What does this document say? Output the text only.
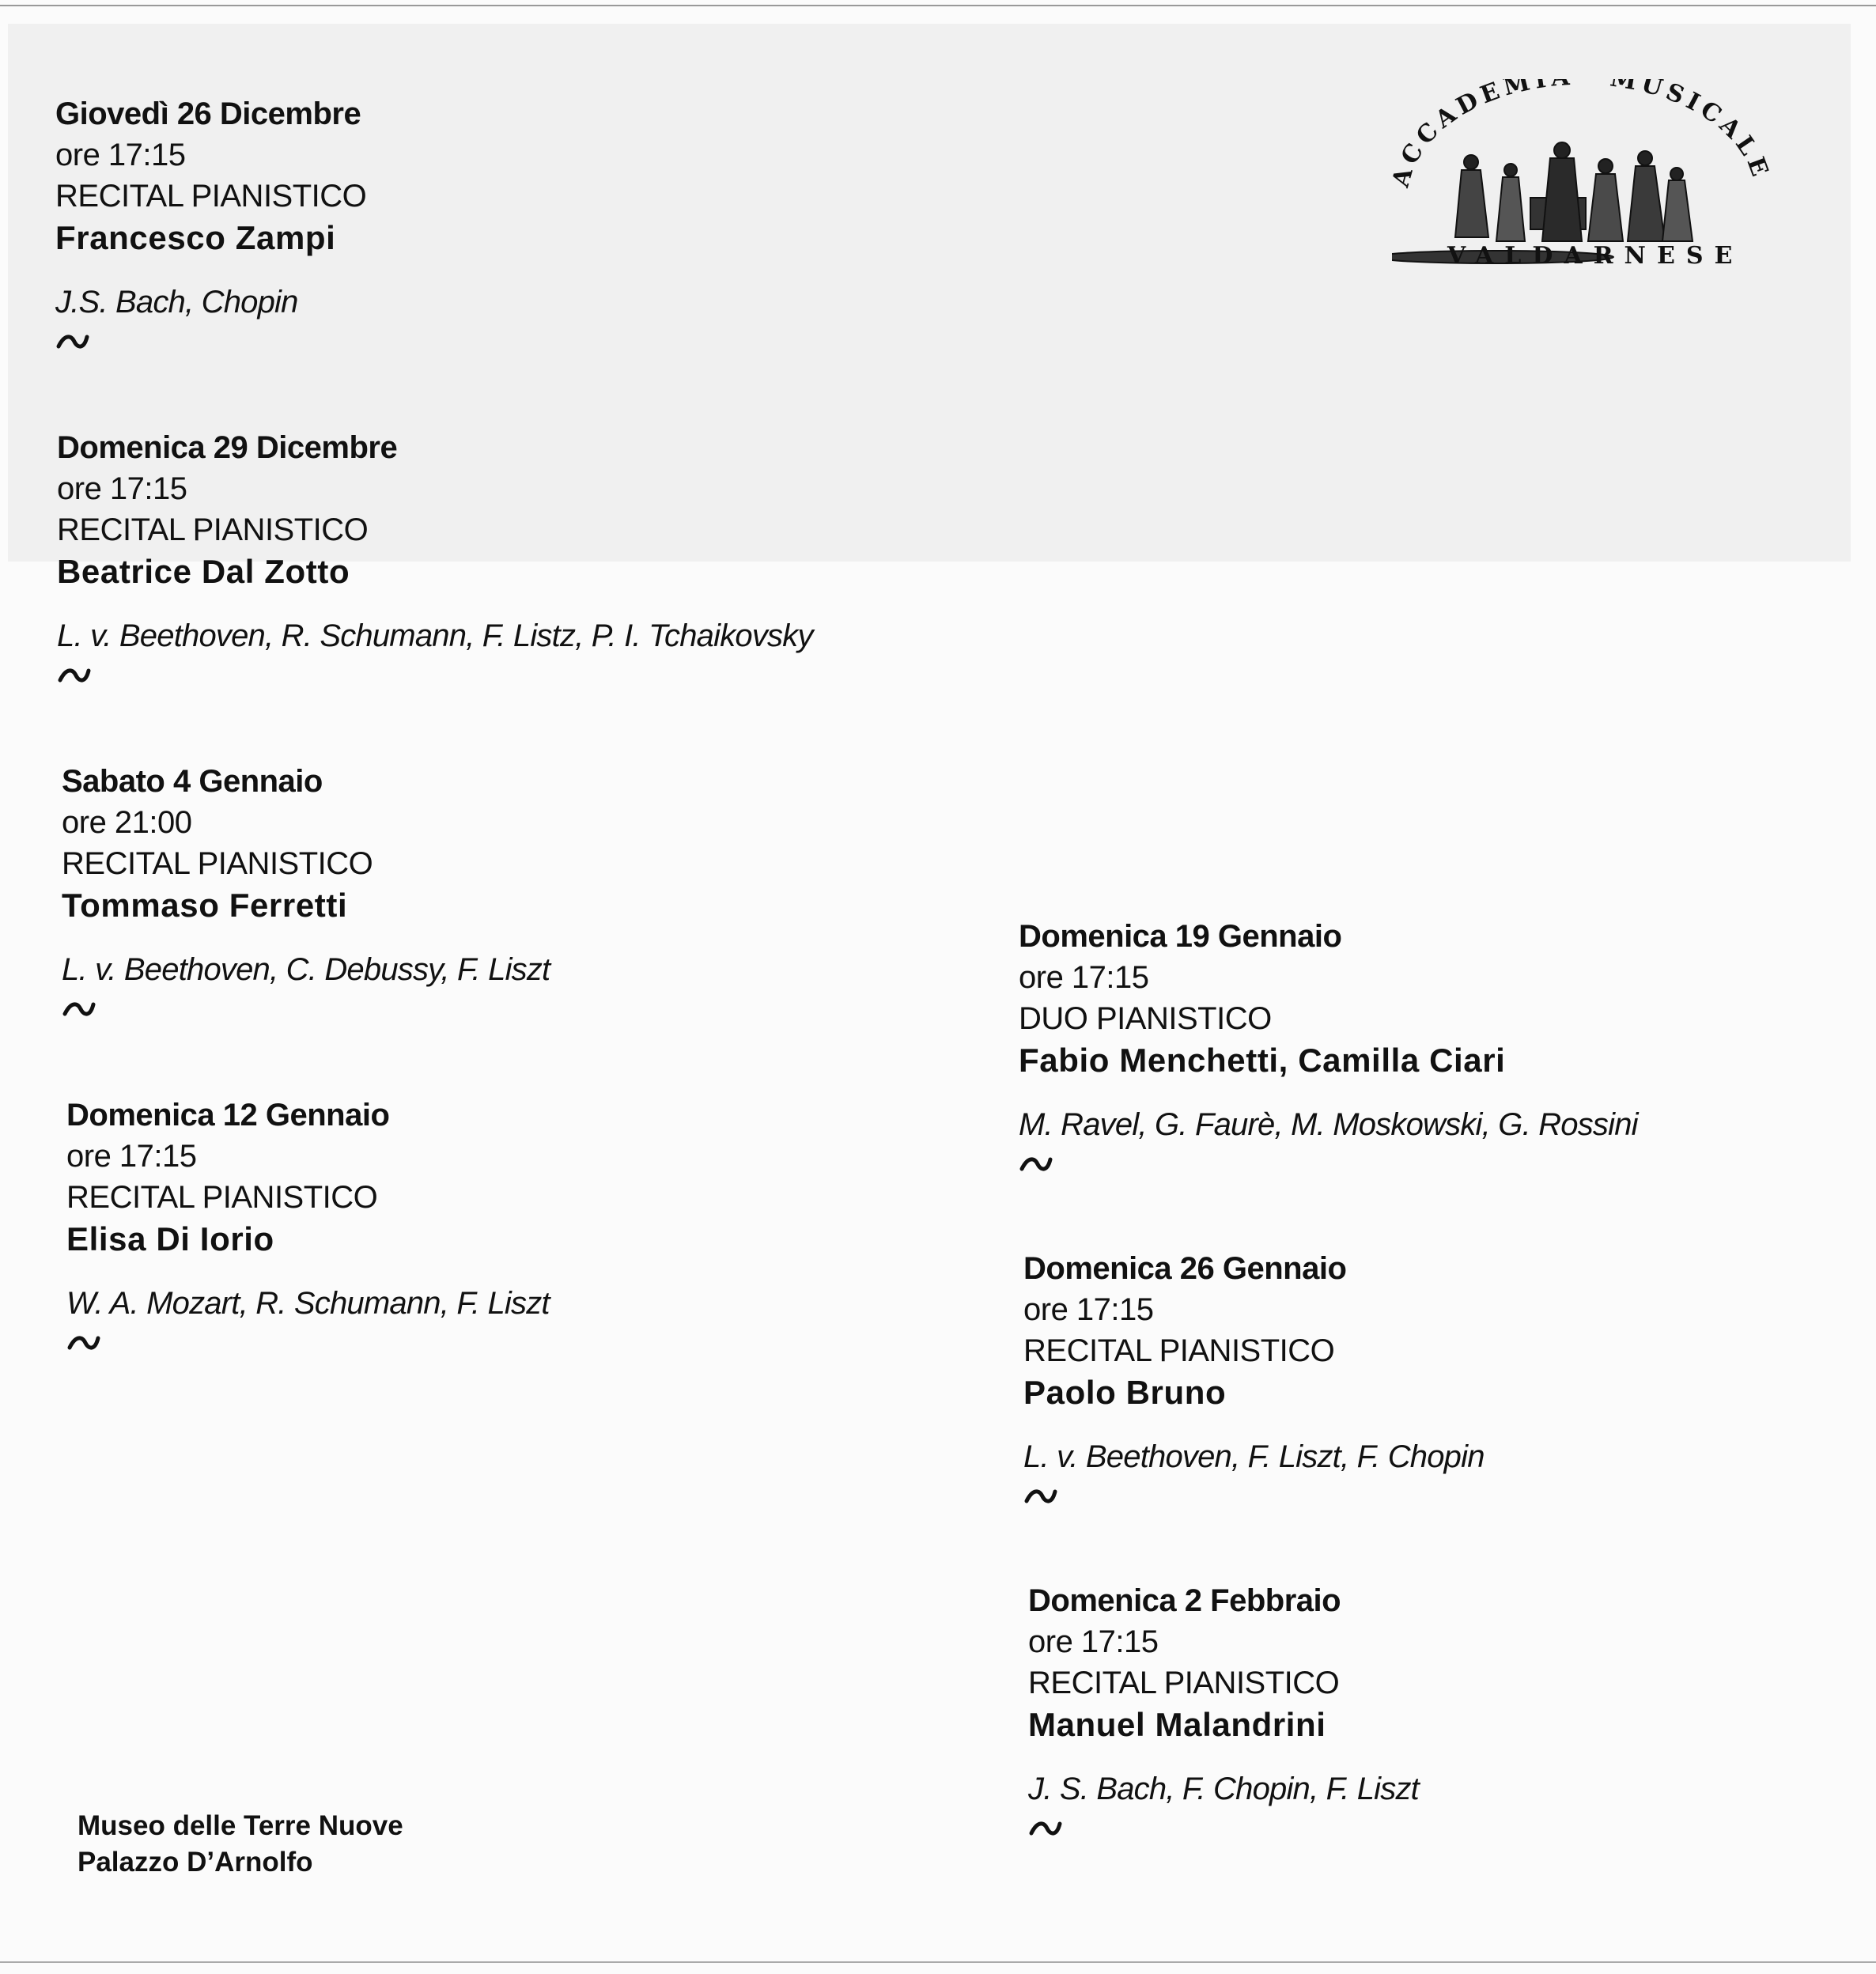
CCADEMI	MUSICAL
VALDARNESE
Giovedì 26 Dicembre
ore 17:15
RECITAL PIANISTICO
Francesco Zampi
J.S. Bach, Chopin
Domenica 29 Dicembre
ore 17:15
RECITAL PIANISTICO
Beatrice Dal Zotto
L. v. Beethoven, R. Schumann, F. Listz, P. I. Tchaikovsky
Sabato 4 Gennaio
ore 21:00
RECITAL PIANISTICO
Tommaso Ferretti
L. v. Beethoven, C. Debussy, F. Liszt
Domenica 12 Gennaio
ore 17:15
RECITAL PIANISTICO
Elisa Di Iorio
W. A. Mozart, R. Schumann, F. Liszt
Domenica 19 Gennaio
ore 17:15
DUO PIANISTICO
Fabio Menchetti, Camilla Ciari
M. Ravel, G. Faurè, M. Moskowski, G. Rossini
Domenica 26 Gennaio
ore 17:15
RECITAL PIANISTICO
Paolo Bruno
L. v. Beethoven, F. Liszt, F. Chopin
Domenica 2 Febbraio
ore 17:15
RECITAL PIANISTICO
Manuel Malandrini
J. S. Bach, F. Chopin, F. Liszt
Museo delle Terre Nuove
Palazzo D’Arnolfo
